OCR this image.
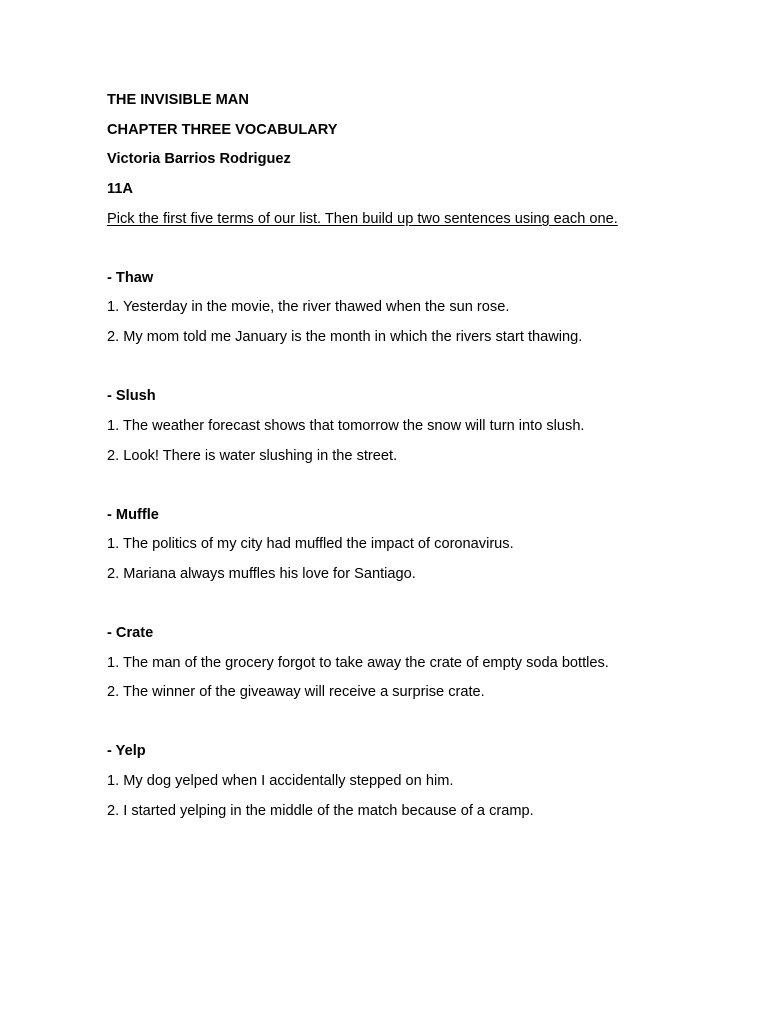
THE INVISIBLE MAN
CHAPTER THREE VOCABULARY
Victoria Barrios Rodriguez
11A
Pick the first five terms of our list. Then build up two sentences using each one.
- Thaw
1. Yesterday in the movie, the river thawed when the sun rose.
2. My mom told me January is the month in which the rivers start thawing.
- Slush
1. The weather forecast shows that tomorrow the snow will turn into slush.
2. Look! There is water slushing in the street.
- Muffle
1. The politics of my city had muffled the impact of coronavirus.
2. Mariana always muffles his love for Santiago.
- Crate
1. The man of the grocery forgot to take away the crate of empty soda bottles.
2. The winner of the giveaway will receive a surprise crate.
- Yelp
1. My dog yelped when I accidentally stepped on him.
2. I started yelping in the middle of the match because of a cramp.
